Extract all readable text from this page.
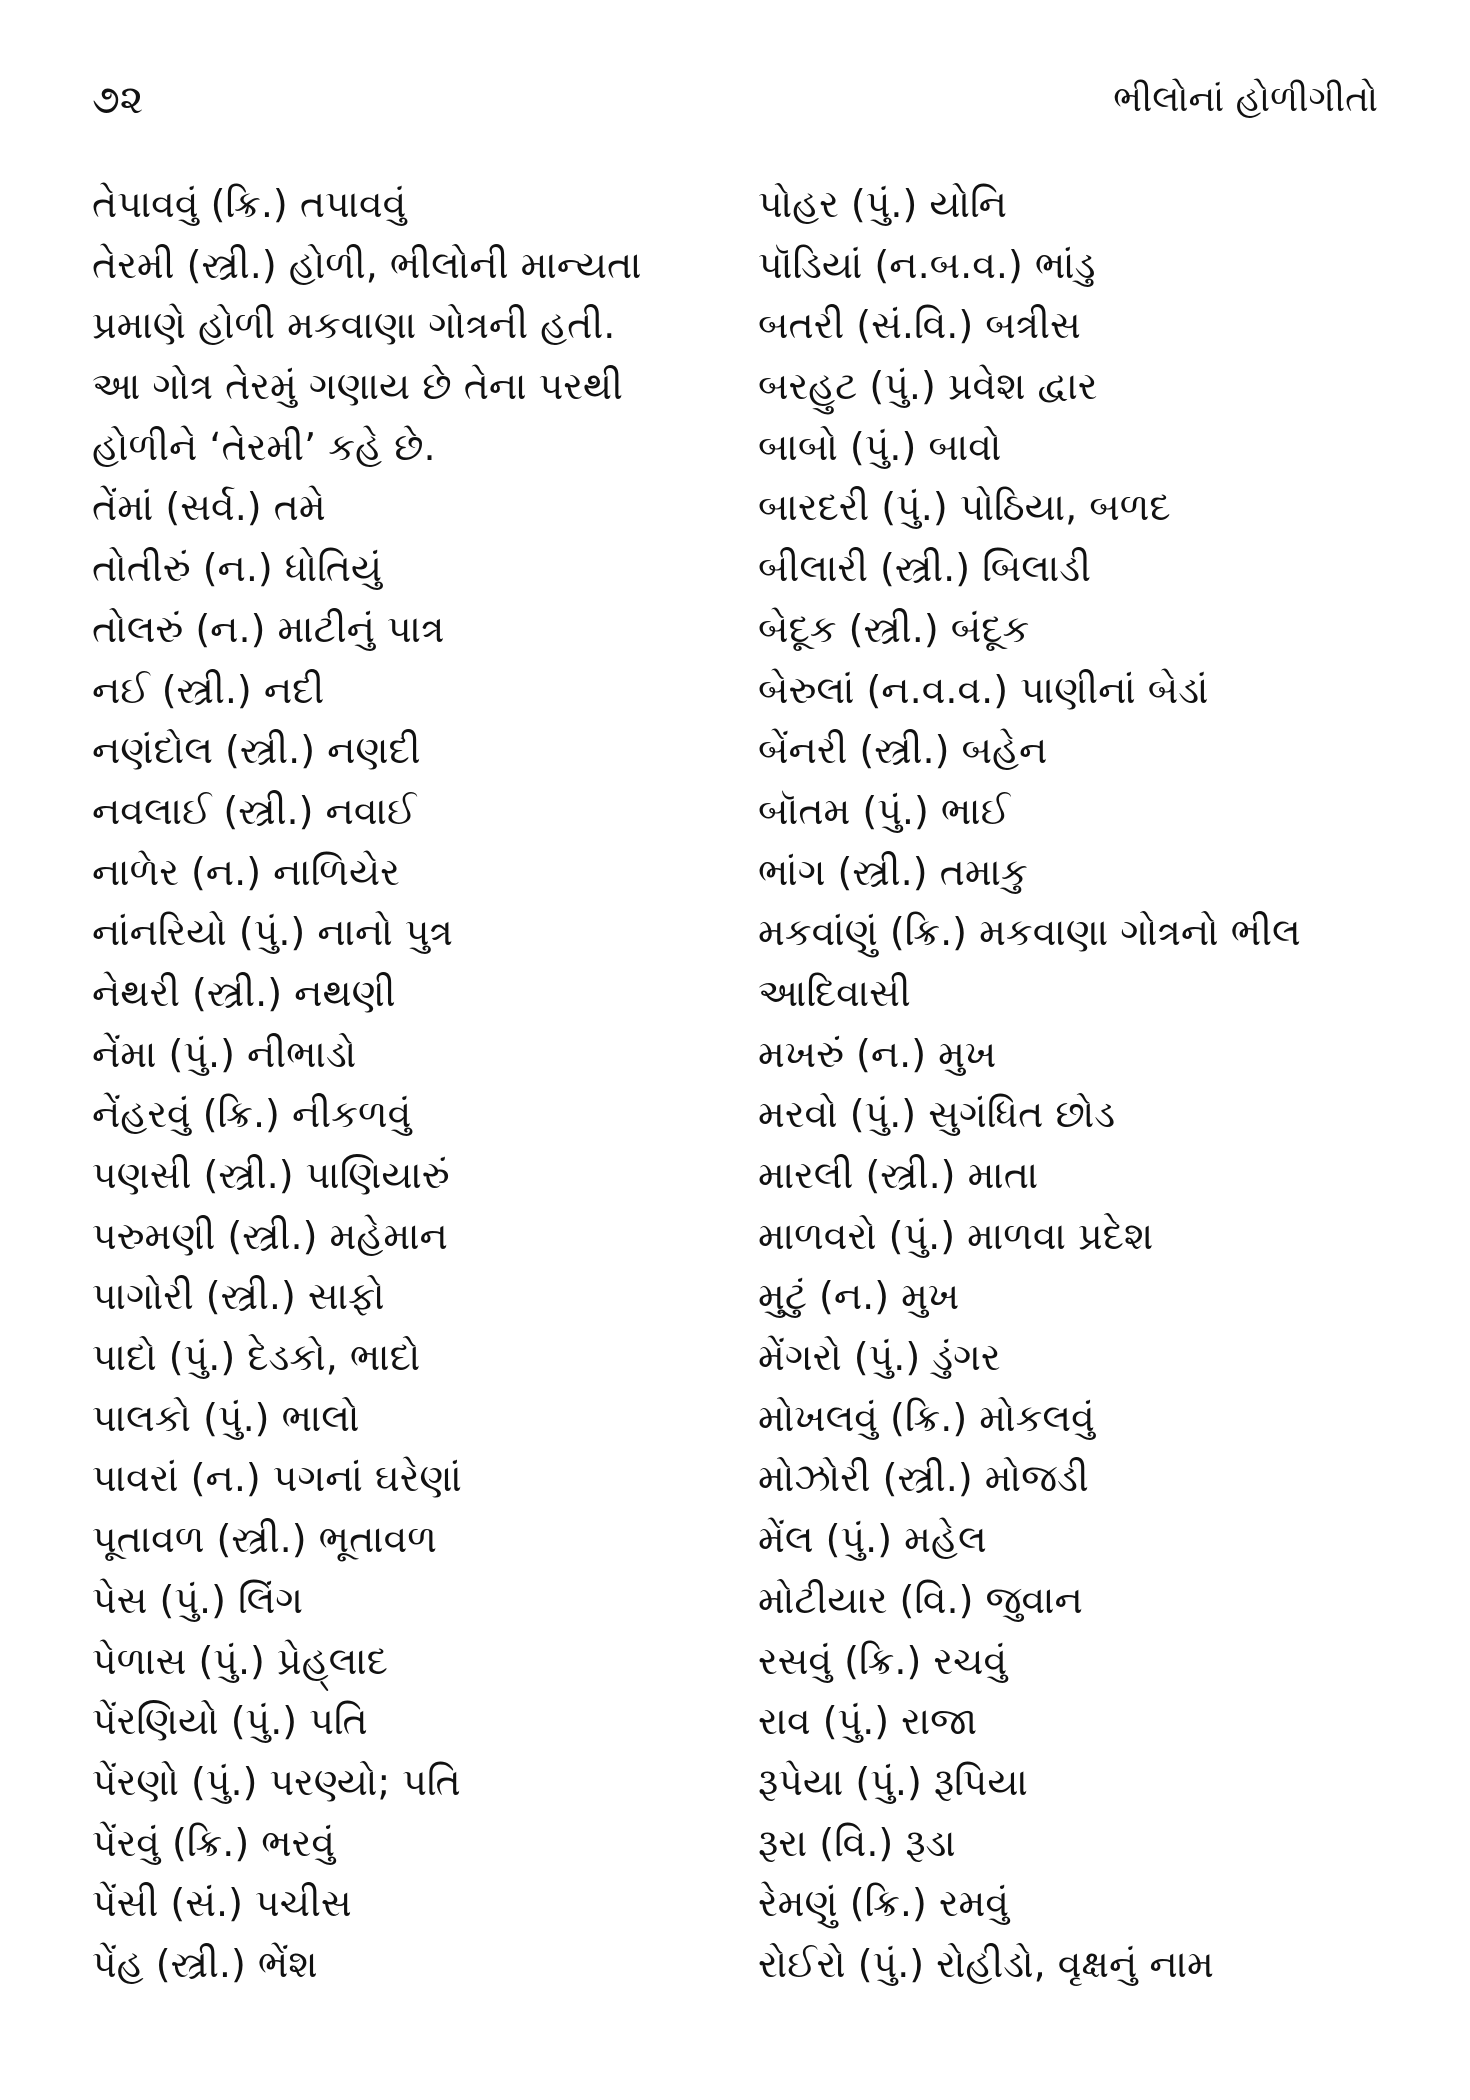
૭૨	ભીલોનાં હોળીગીતો
તેપાવવું (ક્રિ.) તપાવવું
તેરમી (સ્ત્રી.) હોળી, ભીલોની માન્યતા
પ્રમાણે હોળી મકવાણા ગોત્રની હતી.
આ ગોત્ર તેરમું ગણાય છે તેના પરથી
હોળીને ‘તેરમી’ કહે છે.
તેંમાં (સર્વ.) તમે
તોતીરું (ન.) ધોતિયું
તોલરું (ન.) માટીનું પાત્ર
નઈ (સ્ત્રી.) નદી
નણંદોલ (સ્ત્રી.) નણદી
નવલાઈ (સ્ત્રી.) નવાઈ
નાળેર (ન.) નાળિયેર
નાંનરિયો (પું.) નાનો પુત્ર
નેથરી (સ્ત્રી.) નથણી
નેંમા (પું.) નીભાડો
નેંહરવું (ક્રિ.) નીકળવું
પણસી (સ્ત્રી.) પાણિયારું
પરુમણી (સ્ત્રી.) મહેમાન
પાગોરી (સ્ત્રી.) સાફો
પાદો (પું.) દેડકો, ભાદો
પાલકો (પું.) ભાલો
પાવરાં (ન.) પગનાં ઘરેણાં
પૂતાવળ (સ્ત્રી.) ભૂતાવળ
પેસ (પું.) લિંગ
પેળાસ (પું.) પ્રેહ્‌લાદ
પેંરણિયો (પું.) પતિ
પેંરણો (પું.) પરણ્યો; પતિ
પેંરવું (ક્રિ.) ભરવું
પેંસી (સં.) પચીસ
પેંહ (સ્ત્રી.) ભેંશ
પોહર (પું.) યોનિ
પૉડિયાં (ન.બ.વ.) ભાંડુ
બતરી (સં.વિ.) બત્રીસ
બરહુટ (પું.) પ્રવેશ દ્વાર
બાબો (પું.) બાવો
બારદરી (પું.) પોઠિયા, બળદ
બીલારી (સ્ત્રી.) બિલાડી
બેદૂક (સ્ત્રી.) બંદૂક
બેરુલાં (ન.વ.વ.) પાણીનાં બેડાં
બેંનરી (સ્ત્રી.) બહેન
બૉતમ (પું.) ભાઈ
ભાંગ (સ્ત્રી.) તમાકુ
મકવાંણું (ક્રિ.) મકવાણા ગોત્રનો ભીલ
આદિવાસી
મખરું (ન.) મુખ
મરવો (પું.) સુગંધિત છોડ
મારલી (સ્ત્રી.) માતા
માળવરો (પું.) માળવા પ્રદેશ
મુટું (ન.) મુખ
મેંગરો (પું.) ડુંગર
મોખલવું (ક્રિ.) મોકલવું
મોઝોરી (સ્ત્રી.) મોજડી
મેંલ (પું.) મહેલ
મોટીયાર (વિ.) જુવાન
રસવું (ક્રિ.) રચવું
રાવ (પું.) રાજા
રૂપેયા (પું.) રૂપિયા
રૂરા (વિ.) રૂડા
રેમણું (ક્રિ.) રમવું
રોઈરો (પું.) રોહીડો, વૃક્ષનું નામ
